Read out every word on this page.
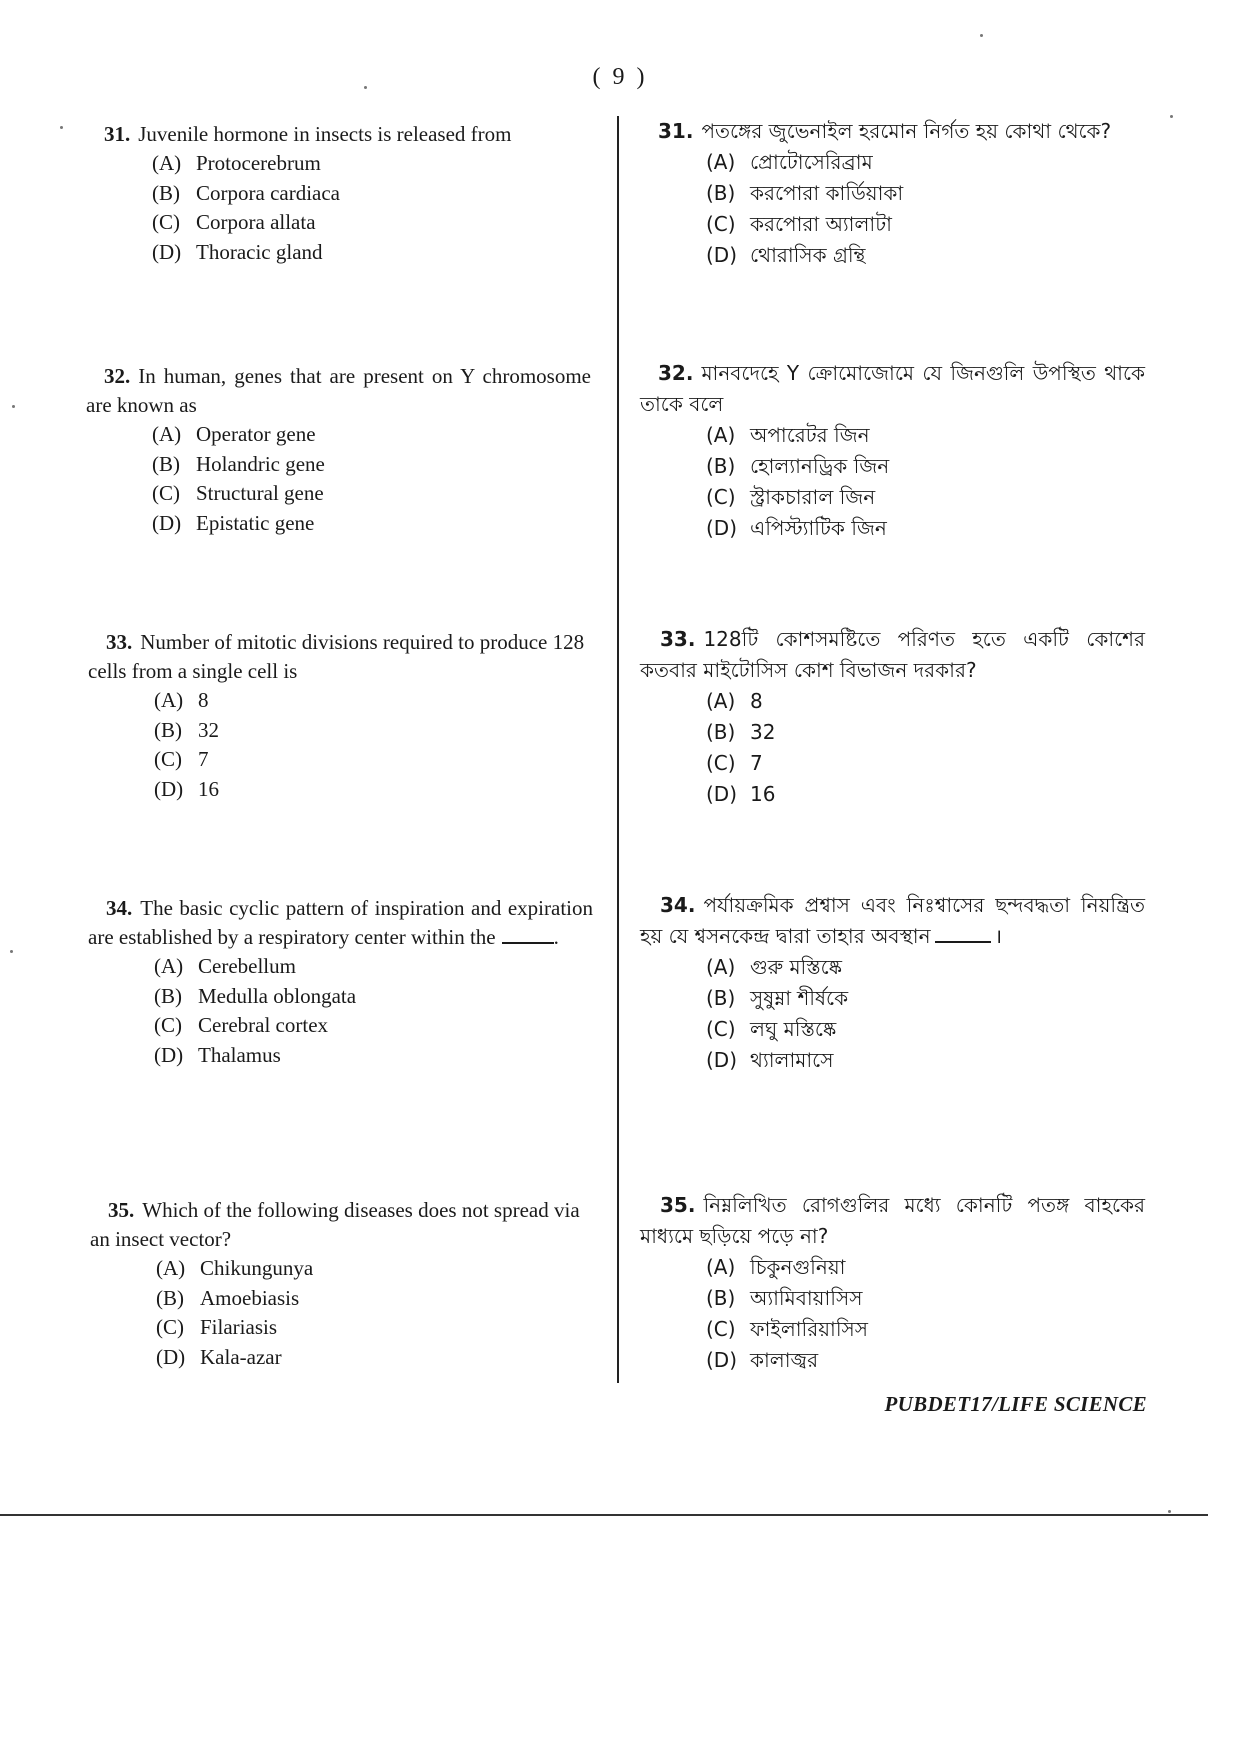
( 9 )
31. Juvenile hormone in insects is released from
(A) Protocerebrum
(B) Corpora cardiaca
(C) Corpora allata
(D) Thoracic gland
32. In human, genes that are present on Y chromosome are known as
(A) Operator gene
(B) Holandric gene
(C) Structural gene
(D) Epistatic gene
33. Number of mitotic divisions required to produce 128 cells from a single cell is
(A) 8
(B) 32
(C) 7
(D) 16
34. The basic cyclic pattern of inspiration and expiration are established by a respiratory center within the	.
(A) Cerebellum
(B) Medulla oblongata
(C) Cerebral cortex
(D) Thalamus
35. Which of the following diseases does not spread via an insect vector?
(A) Chikungunya
(B) Amoebiasis
(C) Filariasis
(D) Kala-azar
31. পতঙ্গের জুভেনাইল হরমোন নির্গত হয় কোথা থেকে?
(A) প্রোটোসেরিব্রাম
(B) করপোরা কার্ডিয়াকা
(C) করপোরা অ্যালাটা
(D) থোরাসিক গ্রন্থি
32. মানবদেহে Y ক্রোমোজোমে যে জিনগুলি উপস্থিত থাকে তাকে বলে
(A) অপারেটর জিন
(B) হোল্যানড্রিক জিন
(C) স্ট্রাকচারাল জিন
(D) এপিস্ট্যাটিক জিন
33. 128টি কোশসমষ্টিতে পরিণত হতে একটি কোশের কতবার মাইটোসিস কোশ বিভাজন দরকার?
(A) 8
(B) 32
(C) 7
(D) 16
34. পর্যায়ক্রমিক প্রশ্বাস এবং নিঃশ্বাসের ছন্দবদ্ধতা নিয়ন্ত্রিত হয় যে শ্বসনকেন্দ্র দ্বারা তাহার অবস্থান	।
(A) গুরু মস্তিষ্কে
(B) সুষুম্না শীর্ষকে
(C) লঘু মস্তিষ্কে
(D) থ্যালামাসে
35. নিম্নলিখিত রোগগুলির মধ্যে কোনটি পতঙ্গ বাহকের মাধ্যমে ছড়িয়ে পড়ে না?
(A) চিকুনগুনিয়া
(B) অ্যামিবায়াসিস
(C) ফাইলারিয়াসিস
(D) কালাজ্বর
PUBDET17/LIFE SCIENCE
